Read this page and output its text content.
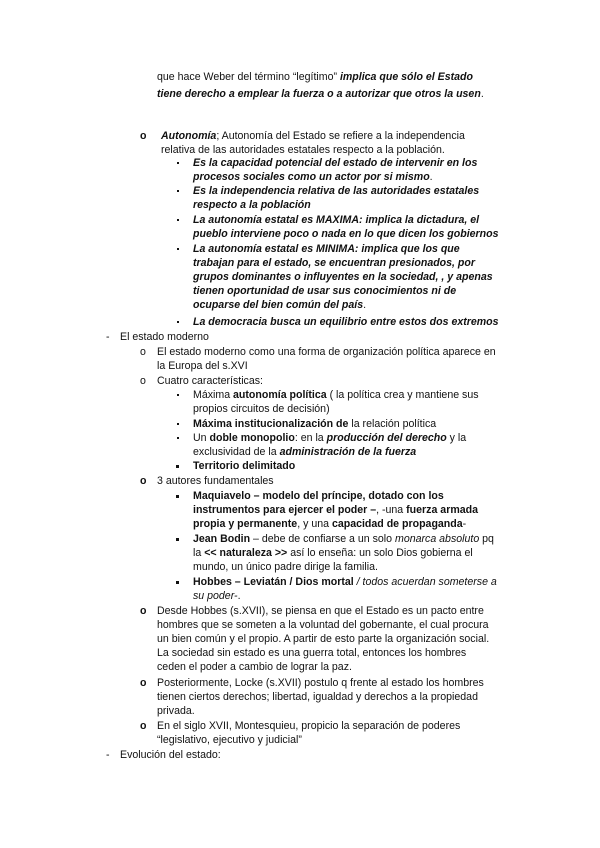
que hace Weber del término “legítimo” implica que sólo el Estado
tiene derecho a emplear la fuerza o a autorizar que otros la usen.
o Autonomía; Autonomía del Estado se refiere a la independencia
relativa de las autoridades estatales respecto a la población.
Es la capacidad potencial del estado de intervenir en los
procesos sociales como un actor por si mismo.
Es la independencia relativa de las autoridades estatales
respecto a la población
La autonomía estatal es MAXIMA: implica la dictadura, el
pueblo interviene poco o nada en lo que dicen los gobiernos
La autonomía estatal es MINIMA: implica que los que
trabajan para el estado, se encuentran presionados, por
grupos dominantes o influyentes en la sociedad, , y apenas
tienen oportunidad de usar sus conocimientos ni de
ocuparse del bien común del país.
La democracia busca un equilibrio entre estos dos extremos
- El estado moderno
o El estado moderno como una forma de organización política aparece en
la Europa del s.XVI
o Cuatro características:
Máxima autonomía política ( la política crea y mantiene sus
propios circuitos de decisión)
Máxima institucionalización de la relación política
Un doble monopolio: en la producción del derecho y la
exclusividad de la administración de la fuerza
Territorio delimitado
o 3 autores fundamentales
Maquiavelo – modelo del príncipe, dotado con los
instrumentos para ejercer el poder –, -una fuerza armada
propia y permanente, y una capacidad de propaganda-
Jean Bodin – debe de confiarse a un solo monarca absoluto pq
la << naturaleza >> así lo enseña: un solo Dios gobierna el
mundo, un único padre dirige la familia.
Hobbes – Leviatán / Dios mortal / todos acuerdan someterse a
su poder-.
o Desde Hobbes (s.XVII), se piensa en que el Estado es un pacto entre
hombres que se someten a la voluntad del gobernante, el cual procura
un bien común y el propio. A partir de esto parte la organización social.
La sociedad sin estado es una guerra total, entonces los hombres
ceden el poder a cambio de lograr la paz.
o Posteriormente, Locke (s.XVII) postulo q frente al estado los hombres
tienen ciertos derechos; libertad, igualdad y derechos a la propiedad
privada.
o En el siglo XVII, Montesquieu, propicio la separación de poderes
“legislativo, ejecutivo y judicial”
- Evolución del estado:
